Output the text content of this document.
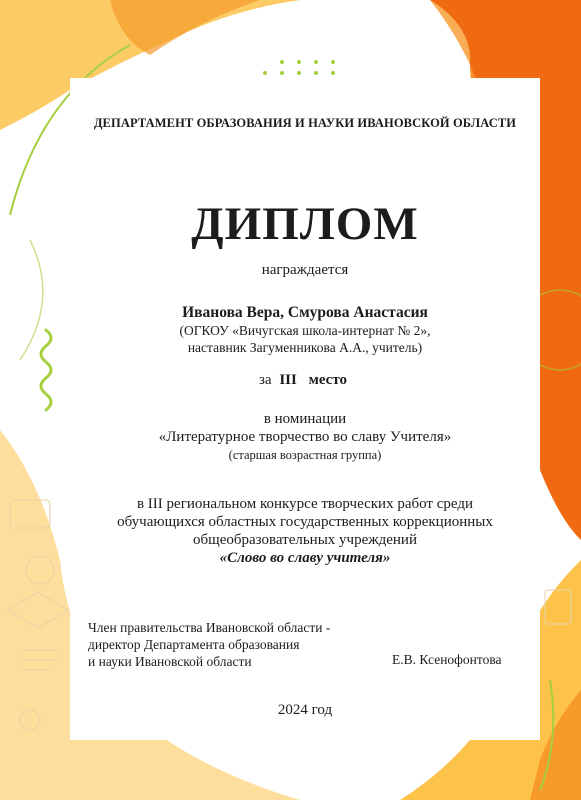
ДЕПАРТАМЕНТ ОБРАЗОВАНИЯ И НАУКИ ИВАНОВСКОЙ ОБЛАСТИ
ДИПЛОМ
награждается
Иванова Вера, Смурова Анастасия
(ОГКОУ «Вичугская школа-интернат № 2»,
наставник Загуменникова А.А., учитель)
за III место
в номинации
«Литературное творчество во славу Учителя»
(старшая возрастная группа)
в III региональном конкурсе творческих работ среди
обучающихся областных государственных коррекционных
общеобразовательных учреждений
«Слово во славу учителя»
Член правительства Ивановской области -
директор Департамента образования
и науки Ивановской области	Е.В. Ксенофонтова
2024 год
